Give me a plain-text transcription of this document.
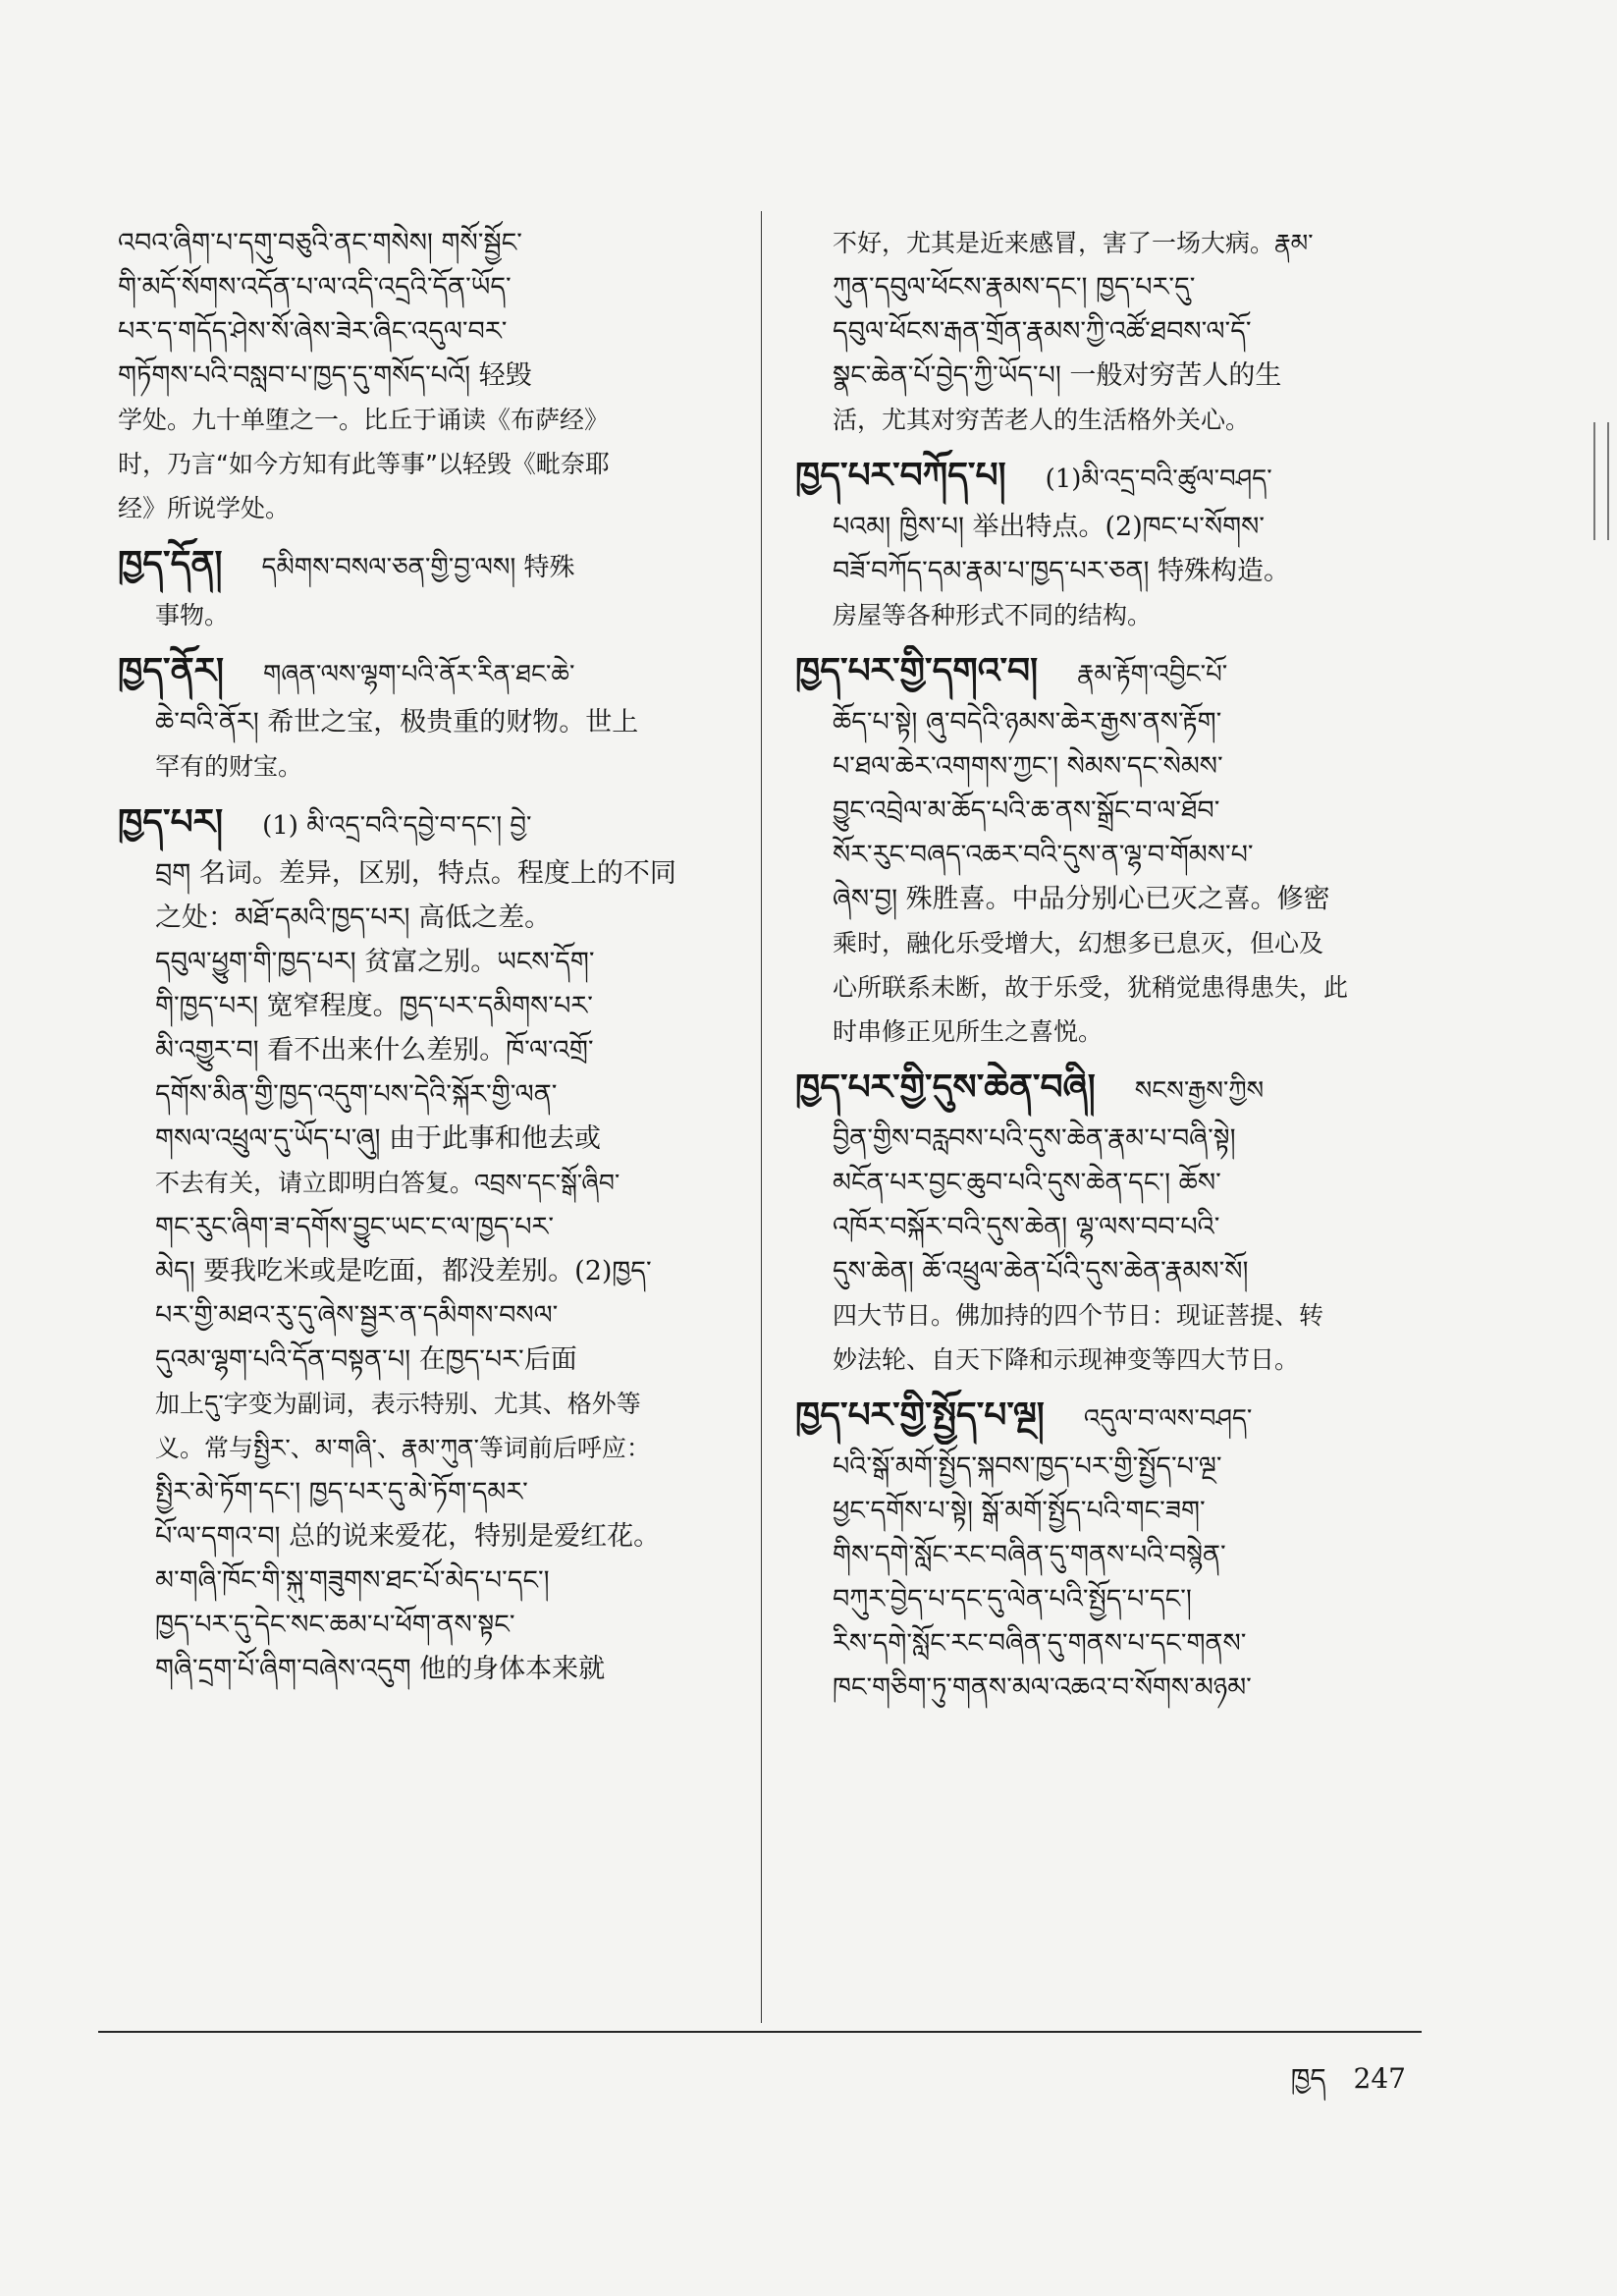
འབའ་ཞིག་པ་དགུ་བཅུའི་ནང་གསེས། གསོ་སྦྱོང་
གི་མདོ་སོགས་འདོན་པ་ལ་འདི་འདྲའི་དོན་ཡོད་
པར་ད་གདོད་ཤེས་སོ་ཞེས་ཟེར་ཞིང་འདུལ་བར་
གཏོགས་པའི་བསླབ་པ་ཁྱད་དུ་གསོད་པའོ། 轻毁
学处。九十单堕之一。比丘于诵读《布萨经》
时，乃言“如今方知有此等事”以轻毁《毗奈耶
经》所说学处。
ཁྱད་དོན། དམིགས་བསལ་ཅན་གྱི་བྱ་ལས། 特殊
事物。
ཁྱད་ནོར། གཞན་ལས་ལྷག་པའི་ནོར་རིན་ཐང་ཆེ་
ཆེ་བའི་ནོར། 希世之宝，极贵重的财物。世上
罕有的财宝。
ཁྱད་པར། (1) མི་འདྲ་བའི་དབྱེ་བ་དང་། བྱེ་
བྲག 名词。差异，区别，特点。程度上的不同
之处：མཐོ་དམའི་ཁྱད་པར། 高低之差。
དབུལ་ཕྱུག་གི་ཁྱད་པར། 贫富之别。ཡངས་དོག་
གི་ཁྱད་པར། 宽窄程度。ཁྱད་པར་དམིགས་པར་
མི་འགྱུར་བ། 看不出来什么差别。ཁོ་ལ་འགྲོ་
དགོས་མིན་གྱི་ཁྱད་འདུག་པས་དེའི་སྐོར་གྱི་ལན་
གསལ་འཕྲུལ་དུ་ཡོད་པ་ཞུ། 由于此事和他去或
不去有关，请立即明白答复。འབྲས་དང་སྒོ་ཞིབ་
གང་རུང་ཞིག་ཟ་དགོས་བྱུང་ཡང་ང་ལ་ཁྱད་པར་
མེད། 要我吃米或是吃面，都没差别。(2)ཁྱད་
པར་གྱི་མཐའ་རུ་དུ་ཞེས་སྦྱར་ན་དམིགས་བསལ་
དུའམ་ལྷག་པའི་དོན་བསྟན་པ། 在ཁྱད་པར་后面
加上དུ་字变为副词，表示特别、尤其、格外等
义。常与སྤྱིར་、མ་གཞི་、རྣམ་ཀུན་等词前后呼应：
སྤྱིར་མེ་ཏོག་དང་། ཁྱད་པར་དུ་མེ་ཏོག་དམར་
པོ་ལ་དགའ་བ། 总的说来爱花，特别是爱红花。
མ་གཞི་ཁོང་གི་སྐུ་གཟུགས་ཐང་པོ་མེད་པ་དང་།
ཁྱད་པར་དུ་དེང་སང་ཆམ་པ་ཕོག་ནས་སྟང་
གཞི་དྲག་པོ་ཞིག་བཞེས་འདུག 他的身体本来就
不好，尤其是近来感冒，害了一场大病。རྣམ་
ཀུན་དབུལ་ཕོངས་རྣམས་དང་། ཁྱད་པར་དུ་
དབུལ་ཕོངས་རྒན་གྲོན་རྣམས་ཀྱི་འཚོ་ཐབས་ལ་དོ་
སྣང་ཆེན་པོ་བྱེད་ཀྱི་ཡོད་པ། 一般对穷苦人的生
活，尤其对穷苦老人的生活格外关心。
ཁྱད་པར་བཀོད་པ། (1)མི་འདྲ་བའི་ཚུལ་བཤད་
པའམ། ཁྱིས་པ། 举出特点。(2)ཁང་པ་སོགས་
བཟོ་བཀོད་དམ་རྣམ་པ་ཁྱད་པར་ཅན། 特殊构造。
房屋等各种形式不同的结构。
ཁྱད་པར་གྱི་དགའ་བ། རྣམ་རྟོག་འབྱིང་པོ་
ཆོད་པ་སྟེ། ཞུ་བདེའི་ཉམས་ཆེར་རྒྱས་ནས་རྟོག་
པ་ཐལ་ཆེར་འགགས་ཀྱང་། སེམས་དང་སེམས་
བྱུང་འབྲེལ་མ་ཆོད་པའི་ཆ་ནས་སྒྲོང་བ་ལ་ཐོབ་
སོར་རུང་བཞད་འཆར་བའི་དུས་ན་ལྷ་བ་གོམས་པ་
ཞེས་བྱ། 殊胜喜。中品分别心已灭之喜。修密
乘时，融化乐受增大，幻想多已息灭，但心及
心所联系未断，故于乐受，犹稍觉患得患失，此
时串修正见所生之喜悦。
ཁྱད་པར་གྱི་དུས་ཆེན་བཞི། སངས་རྒྱས་ཀྱིས
བྱིན་གྱིས་བརླབས་པའི་དུས་ཆེན་རྣམ་པ་བཞི་སྟེ།
མངོན་པར་བྱང་ཆུབ་པའི་དུས་ཆེན་དང་། ཆོས་
འཁོར་བསྐོར་བའི་དུས་ཆེན། ལྷ་ལས་བབ་པའི་
དུས་ཆེན། ཆོ་འཕྲུལ་ཆེན་པོའི་དུས་ཆེན་རྣམས་སོ།
四大节日。佛加持的四个节日：现证菩提、转
妙法轮、自天下降和示现神变等四大节日。
ཁྱད་པར་གྱི་སྤྱོད་པ་ལྔ། འདུལ་བ་ལས་བཤད་
པའི་སྒོ་མགོ་སྤྱོད་སྐབས་ཁྱད་པར་གྱི་སྤྱོད་པ་ལྔ་
ཕྱང་དགོས་པ་སྟེ། སྒོ་མགོ་སྤྱོད་པའི་གང་ཟག་
གིས་དགེ་སློང་རང་བཞིན་དུ་གནས་པའི་བསྙེན་
བཀུར་བྱེད་པ་དང་དུ་ལེན་པའི་སྤྱོད་པ་དང་།
རིས་དགེ་སློང་རང་བཞིན་དུ་གནས་པ་དང་གནས་
ཁང་གཅིག་ཏུ་གནས་མལ་འཆའ་བ་སོགས་མཉམ་
ཁྱད 247
